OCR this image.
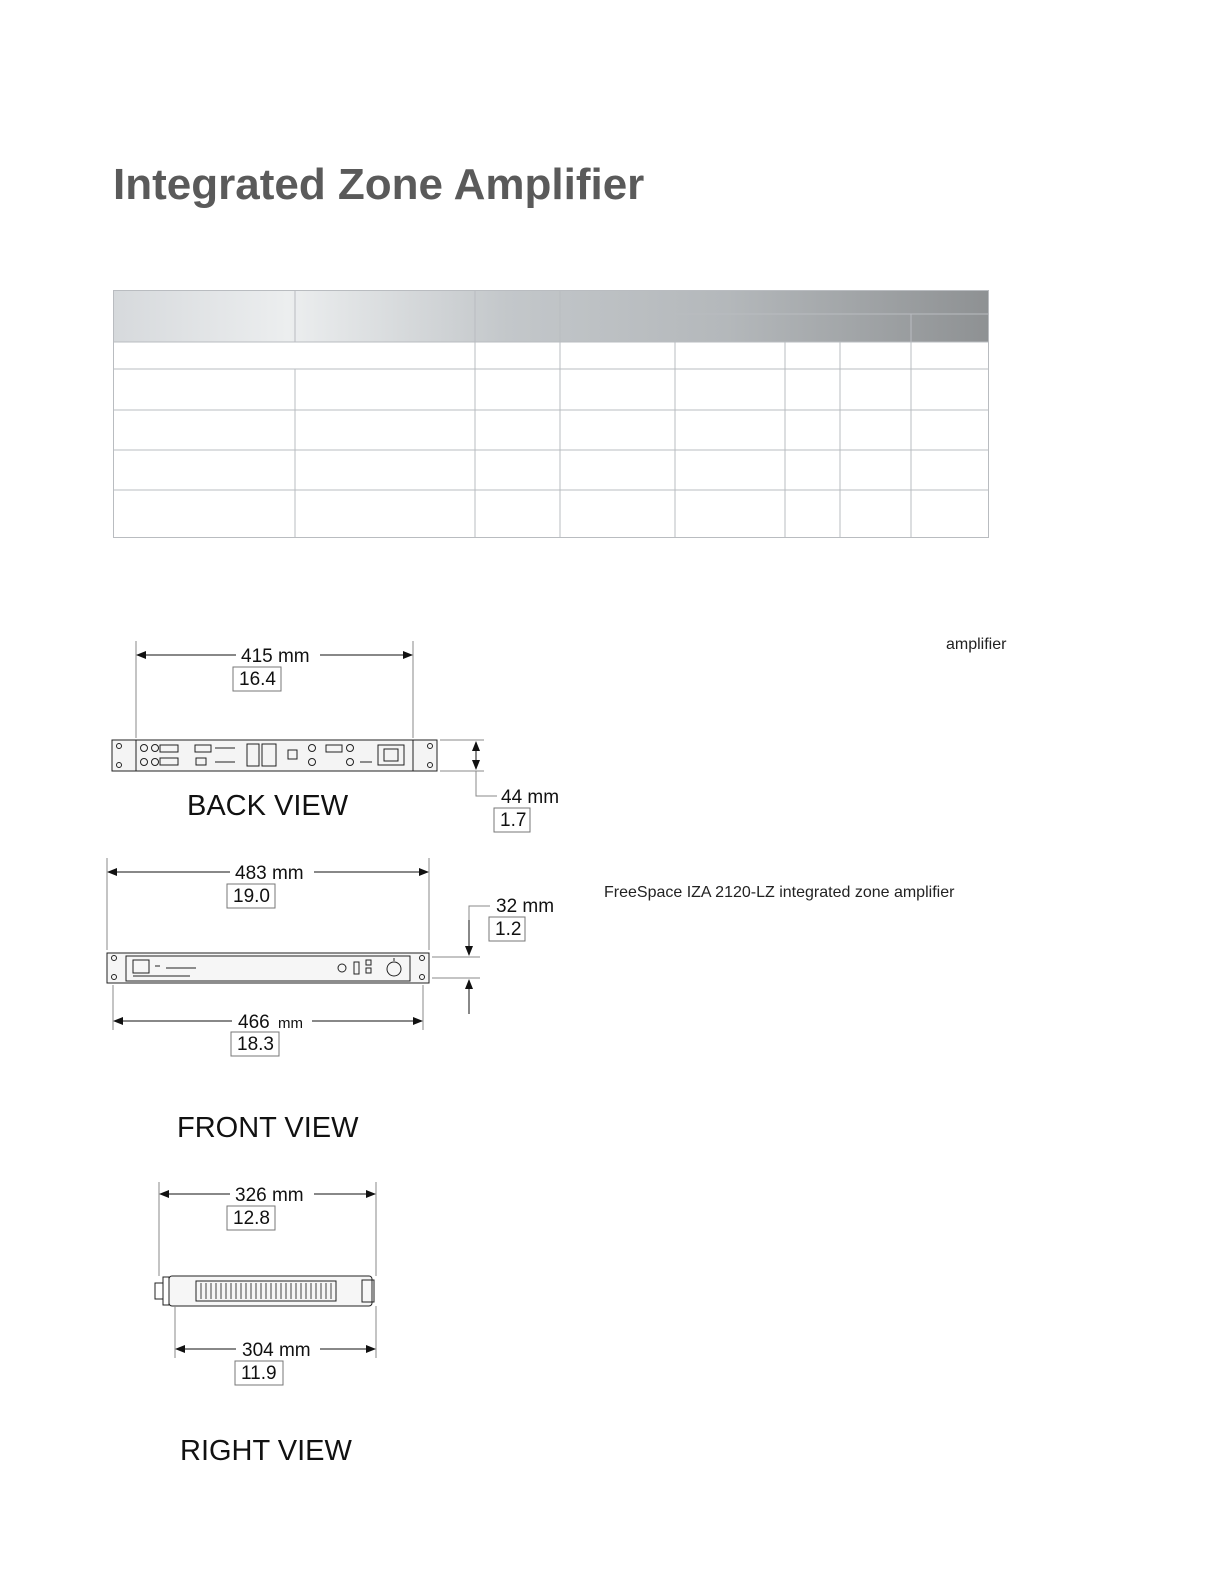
Integrated Zone Amplifier
amplifier
FreeSpace IZA 2120-LZ integrated zone amplifier
415 mm
16.4
44 mm
1.7
BACK VIEW
483 mm
19.0	32 mm
1.2
466 mm
18.3
FRONT VIEW
326 mm
12.8
304 mm
11.9
RIGHT VIEW
